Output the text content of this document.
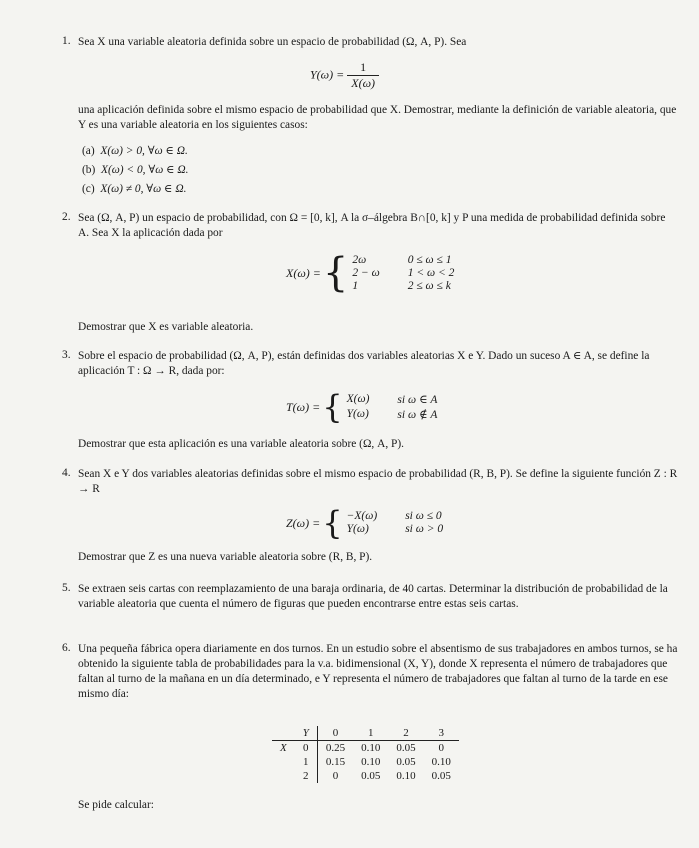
1. Sea X una variable aleatoria definida sobre un espacio de probabilidad (Ω, A, P). Sea
$Y(\omega) = \frac{1}{X(\omega)}$
una aplicación definida sobre el mismo espacio de probabilidad que X. Demostrar, mediante la definición de variable aleatoria, que Y es una variable aleatoria en los siguientes casos:
(a) X(ω) > 0, ∀ω ∈ Ω.
(b) X(ω) < 0, ∀ω ∈ Ω.
(c) X(ω) ≠ 0, ∀ω ∈ Ω.
2. Sea (Ω, A, P) un espacio de probabilidad, con Ω = [0, k], A la σ–álgebra B∩[0, k] y P una medida de probabilidad definida sobre A. Sea X la aplicación dada por
X(ω) = { 2ω	0 ≤ ω ≤ 1
2 − ω	1 < ω < 2
1	2 ≤ ω ≤ k
Demostrar que X es variable aleatoria.
3. Sobre el espacio de probabilidad (Ω, A, P), están definidas dos variables aleatorias X e Y. Dado un suceso A ∈ A, se define la aplicación T : Ω → R, dada por:
T(ω) = { X(ω)	si ω ∈ A
Y(ω)	si ω ∉ A
Demostrar que esta aplicación es una variable aleatoria sobre (Ω, A, P).
4. Sean X e Y dos variables aleatorias definidas sobre el mismo espacio de probabilidad (R, B, P). Se define la siguiente función Z : R → R
Z(ω) = { −X(ω)	si ω ≤ 0
Y(ω)	si ω > 0
Demostrar que Z es una nueva variable aleatoria sobre (R, B, P).
5. Se extraen seis cartas con reemplazamiento de una baraja ordinaria, de 40 cartas. Determinar la distribución de probabilidad de la variable aleatoria que cuenta el número de figuras que pueden encontrarse entre estas seis cartas.
6. Una pequeña fábrica opera diariamente en dos turnos. En un estudio sobre el absentismo de sus trabajadores en ambos turnos, se ha obtenido la siguiente tabla de probabilidades para la v.a. bidimensional (X, Y), donde X representa el número de trabajadores que faltan al turno de la mañana en un día determinado, e Y representa el número de trabajadores que faltan al turno de la tarde en ese mismo día:
	Y	0	1	2	3
X	0	0.25	0.10	0.05	0
	1	0.15	0.10	0.05	0.10
	2	0	0.05	0.10	0.05
Se pide calcular:
